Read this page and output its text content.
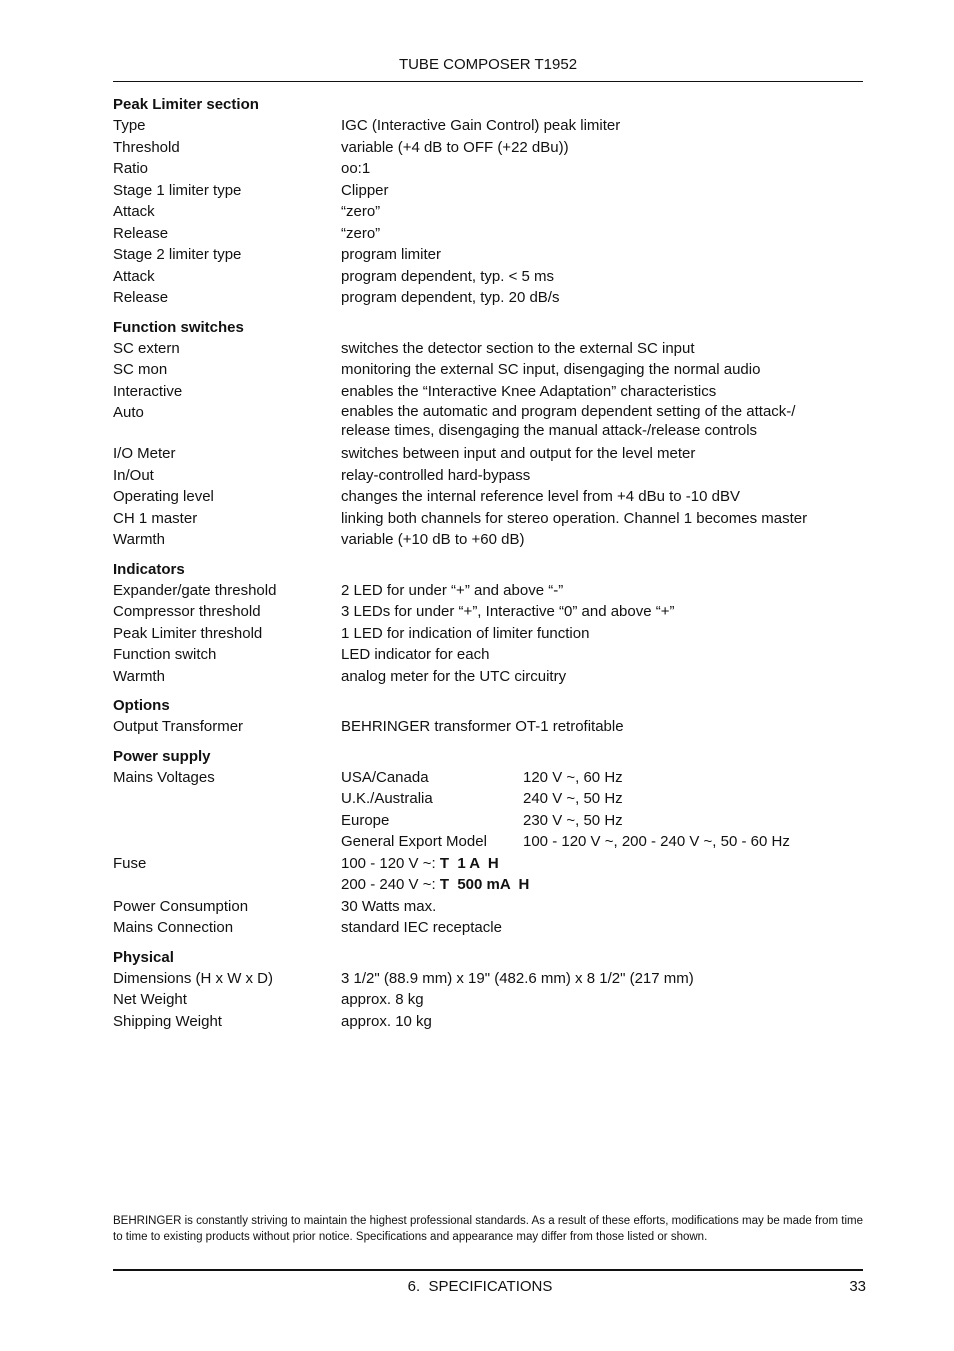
TUBE COMPOSER T1952
Peak Limiter section
Type	IGC (Interactive Gain Control) peak limiter
Threshold	variable (+4 dB to OFF (+22 dBu))
Ratio	oo:1
Stage 1 limiter type	Clipper
Attack	“zero”
Release	“zero”
Stage 2 limiter type	program limiter
Attack	program dependent, typ. < 5 ms
Release	program dependent, typ. 20 dB/s
Function switches
SC extern	switches the detector section to the external SC input
SC mon	monitoring the external SC input, disengaging the normal audio
Interactive	enables the “Interactive Knee Adaptation” characteristics
Auto	enables the automatic and program dependent setting of the attack-/
release times, disengaging the manual attack-/release controls
I/O Meter	switches between input and output for the level meter
In/Out	relay-controlled hard-bypass
Operating level	changes the internal reference level from +4 dBu to -10 dBV
CH 1 master	linking both channels for stereo operation. Channel 1 becomes master
Warmth	variable (+10 dB to +60 dB)
Indicators
Expander/gate threshold	2 LED for under “+” and above “-”
Compressor threshold	3 LEDs for under “+”, Interactive “0” and above “+”
Peak Limiter threshold	1 LED for indication of limiter function
Function switch	LED indicator for each
Warmth	analog meter for the UTC circuitry
Options
Output Transformer	BEHRINGER transformer OT-1 retrofitable
Power supply
Mains Voltages	USA/Canada	120 V ~, 60 Hz
U.K./Australia	240 V ~, 50 Hz
Europe	230 V ~, 50 Hz
General Export Model	100 - 120 V ~, 200 - 240 V ~, 50 - 60 Hz
Fuse	100 - 120 V ~: T  1 A  H
200 - 240 V ~: T  500 mA  H
Power Consumption	30 Watts max.
Mains Connection	standard IEC receptacle
Physical
Dimensions (H x W x D)	3 1/2" (88.9 mm) x 19" (482.6 mm) x 8 1/2" (217 mm)
Net Weight	approx. 8 kg
Shipping Weight	approx. 10 kg
BEHRINGER is constantly striving to maintain the highest professional standards. As a result of these efforts, modifications may be made from time to time to existing products without prior notice. Specifications and appearance may differ from those listed or shown.
6.  SPECIFICATIONS	33
